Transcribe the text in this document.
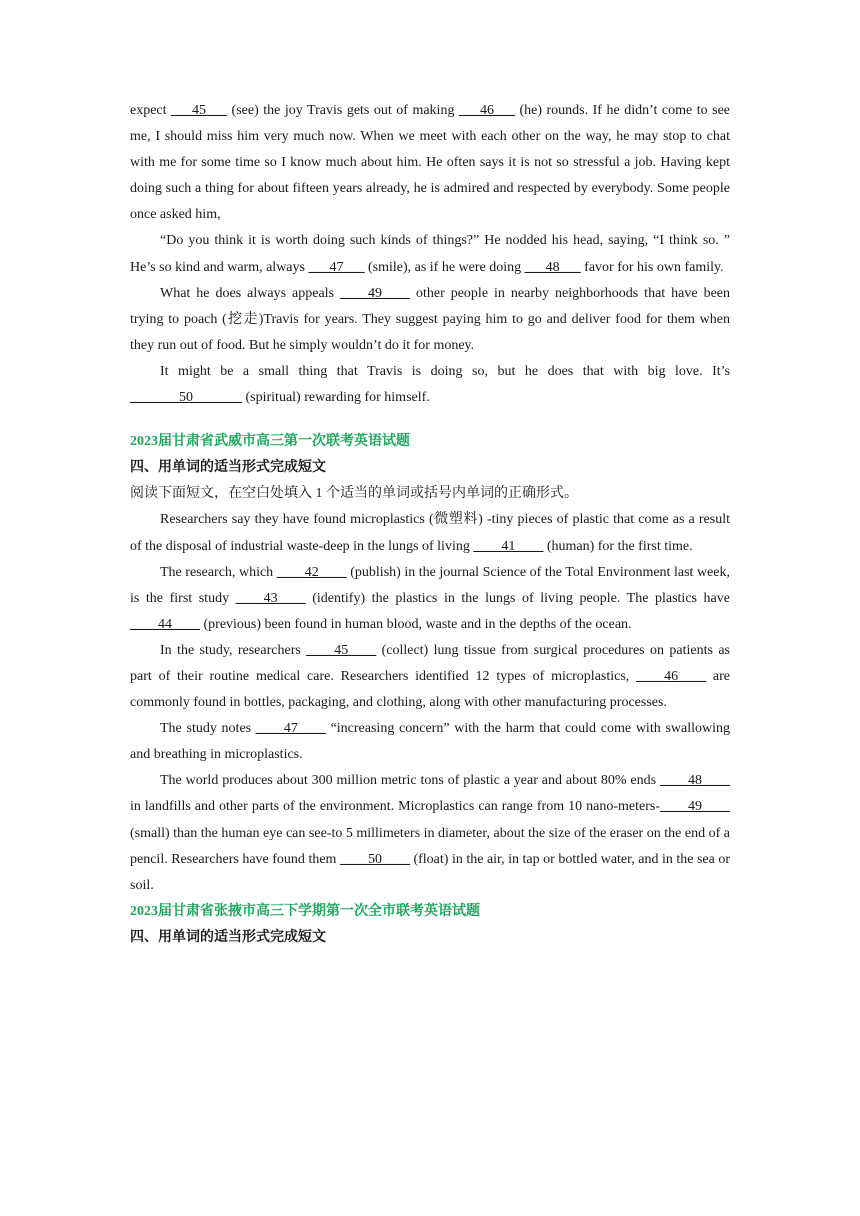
expect ___45___ (see) the joy Travis gets out of making ___46___ (he) rounds. If he didn’t come to see me, I should miss him very much now. When we meet with each other on the way, he may stop to chat with me for some time so I know much about him. He often says it is not so stressful a job. Having kept doing such a thing for about fifteen years already, he is admired and respected by everybody. Some people once asked him,

“Do you think it is worth doing such kinds of things?” He nodded his head, saying, “I think so. ” He’s so kind and warm, always ___47___ (smile), as if he were doing ___48___ favor for his own family.

What he does always appeals ____49____ other people in nearby neighborhoods that have been trying to poach (挖走)Travis for years. They suggest paying him to go and deliver food for them when they run out of food. But he simply wouldn’t do it for money.

It might be a small thing that Travis is doing so, but he does that with big love. It’s _______50_______ (spiritual) rewarding for himself.

2023届甘肃省武威市高三第一次联考英语试题

四、用单词的适当形式完成短文

阅读下面短文，在空白处填入 1 个适当的单词或括号内单词的正确形式。

Researchers say they have found microplastics (微塑料) -tiny pieces of plastic that come as a result of the disposal of industrial waste-deep in the lungs of living ____41____ (human) for the first time.

The research, which ____42____ (publish) in the journal Science of the Total Environment last week, is the first study ____43____ (identify) the plastics in the lungs of living people. The plastics have ____44____ (previous) been found in human blood, waste and in the depths of the ocean.

In the study, researchers ____45____ (collect) lung tissue from surgical procedures on patients as part of their routine medical care. Researchers identified 12 types of microplastics, ____46____ are commonly found in bottles, packaging, and clothing, along with other manufacturing processes.

The study notes ____47____ “increasing concern” with the harm that could come with swallowing and breathing in microplastics.

The world produces about 300 million metric tons of plastic a year and about 80% ends ____48____ in landfills and other parts of the environment. Microplastics can range from 10 nano-meters-____49____ (small) than the human eye can see-to 5 millimeters in diameter, about the size of the eraser on the end of a pencil. Researchers have found them ____50____ (float) in the air, in tap or bottled water, and in the sea or soil.

2023届甘肃省张掖市高三下学期第一次全市联考英语试题

四、用单词的适当形式完成短文
